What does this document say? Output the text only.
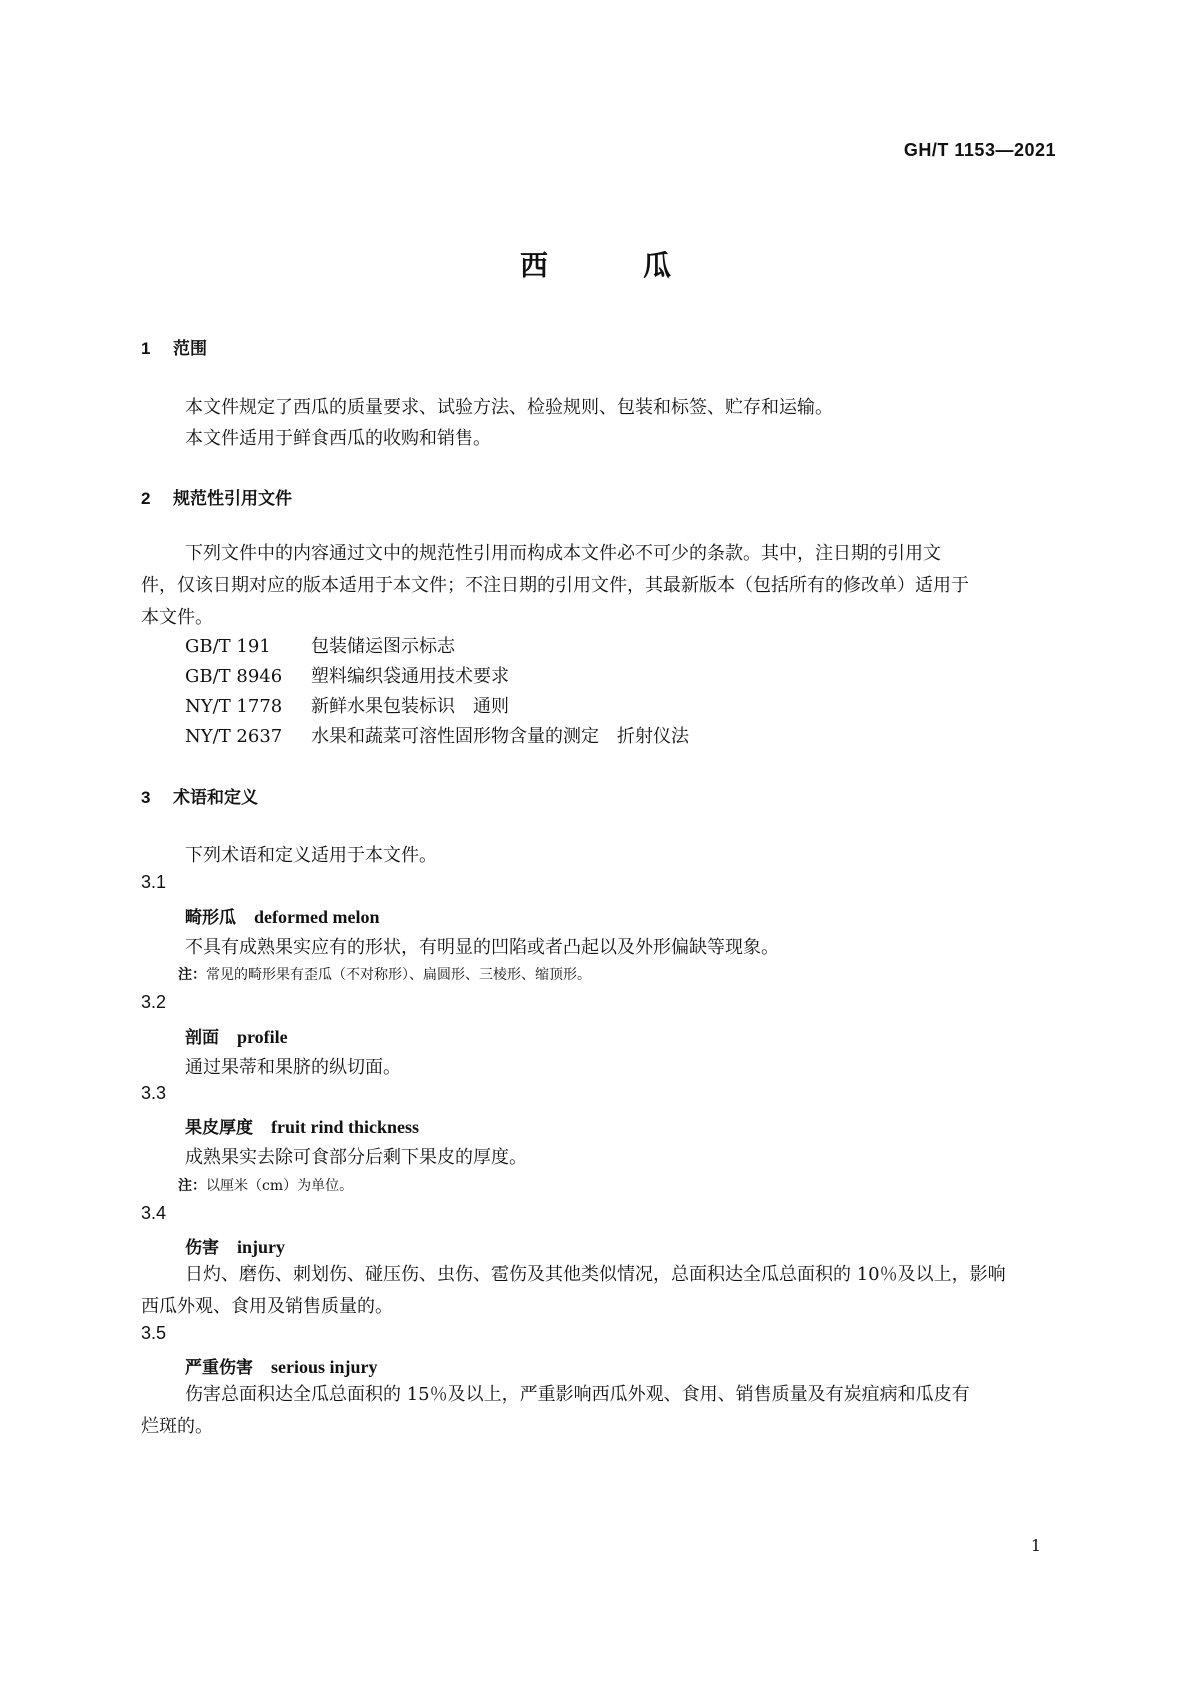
GH/T 1153—2021
西	瓜
1 范围
本文件规定了西瓜的质量要求、试验方法、检验规则、包装和标签、贮存和运输。
本文件适用于鲜食西瓜的收购和销售。
2 规范性引用文件
下列文件中的内容通过文中的规范性引用而构成本文件必不可少的条款。其中，注日期的引用文
件，仅该日期对应的版本适用于本文件；不注日期的引用文件，其最新版本（包括所有的修改单）适用于
本文件。
GB/T 191 包装储运图示标志
GB/T 8946 塑料编织袋通用技术要求
NY/T 1778 新鲜水果包装标识　通则
NY/T 2637 水果和蔬菜可溶性固形物含量的测定　折射仪法
3 术语和定义
下列术语和定义适用于本文件。
3.1
畸形瓜 deformed melon
不具有成熟果实应有的形状，有明显的凹陷或者凸起以及外形偏缺等现象。
注：常见的畸形果有歪瓜（不对称形）、扁圆形、三棱形、缩顶形。
3.2
剖面 profile
通过果蒂和果脐的纵切面。
3.3
果皮厚度 fruit rind thickness
成熟果实去除可食部分后剩下果皮的厚度。
注：以厘米（cm）为单位。
3.4
伤害 injury
日灼、磨伤、刺划伤、碰压伤、虫伤、雹伤及其他类似情况，总面积达全瓜总面积的 10％及以上，影响
西瓜外观、食用及销售质量的。
3.5
严重伤害 serious injury
伤害总面积达全瓜总面积的 15％及以上，严重影响西瓜外观、食用、销售质量及有炭疽病和瓜皮有
烂斑的。
1
